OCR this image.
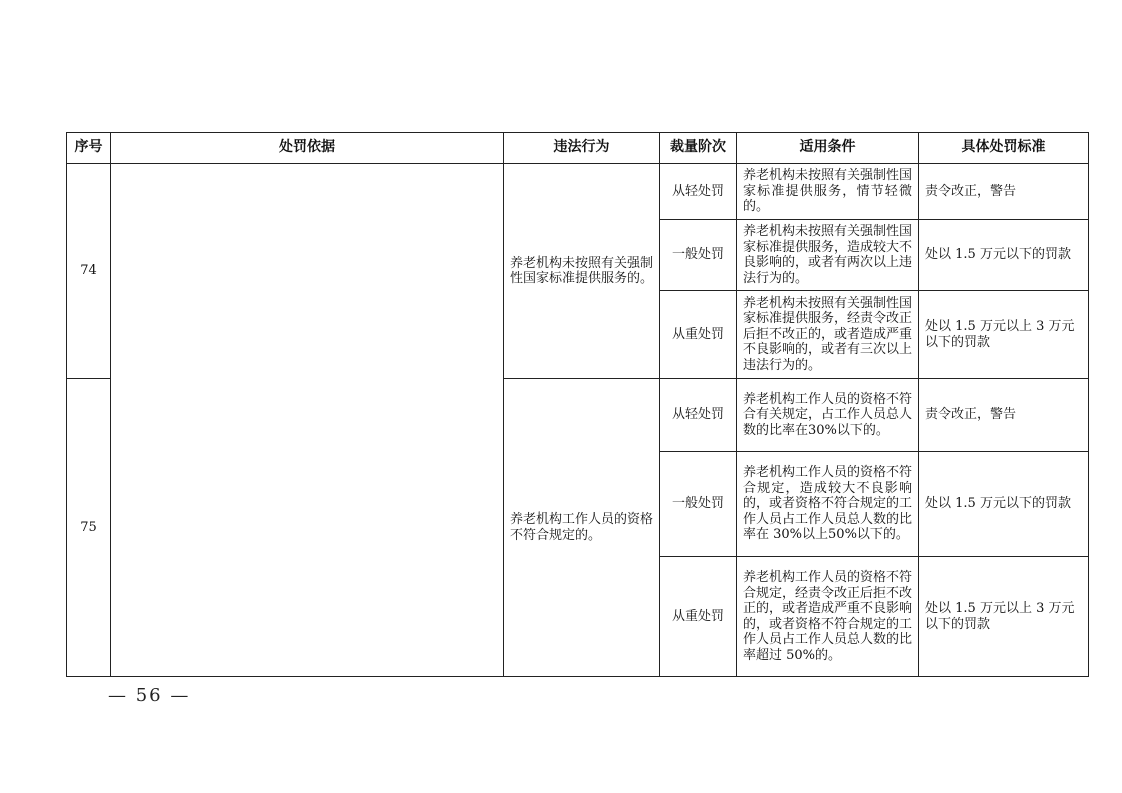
序号	处罚依据	违法行为	裁量阶次	适用条件	具体处罚标准
74		养老机构未按照有关强制性国家标准提供服务的。	从轻处罚	养老机构未按照有关强制性国家标准提供服务，情节轻微的。	责令改正，警告
			一般处罚	养老机构未按照有关强制性国家标准提供服务，造成较大不良影响的，或者有两次以上违法行为的。	处以 1.5 万元以下的罚款
			从重处罚	养老机构未按照有关强制性国家标准提供服务，经责令改正后拒不改正的，或者造成严重不良影响的，或者有三次以上违法行为的。	处以 1.5 万元以上 3 万元以下的罚款
75		养老机构工作人员的资格不符合规定的。	从轻处罚	养老机构工作人员的资格不符合有关规定，占工作人员总人数的比率在30%以下的。	责令改正，警告
			一般处罚	养老机构工作人员的资格不符合规定，造成较大不良影响的，或者资格不符合规定的工作人员占工作人员总人数的比率在 30%以上50%以下的。	处以 1.5 万元以下的罚款
			从重处罚	养老机构工作人员的资格不符合规定，经责令改正后拒不改正的，或者造成严重不良影响的，或者资格不符合规定的工作人员占工作人员总人数的比率超过 50%的。	处以 1.5 万元以上 3 万元以下的罚款
— 56 —
